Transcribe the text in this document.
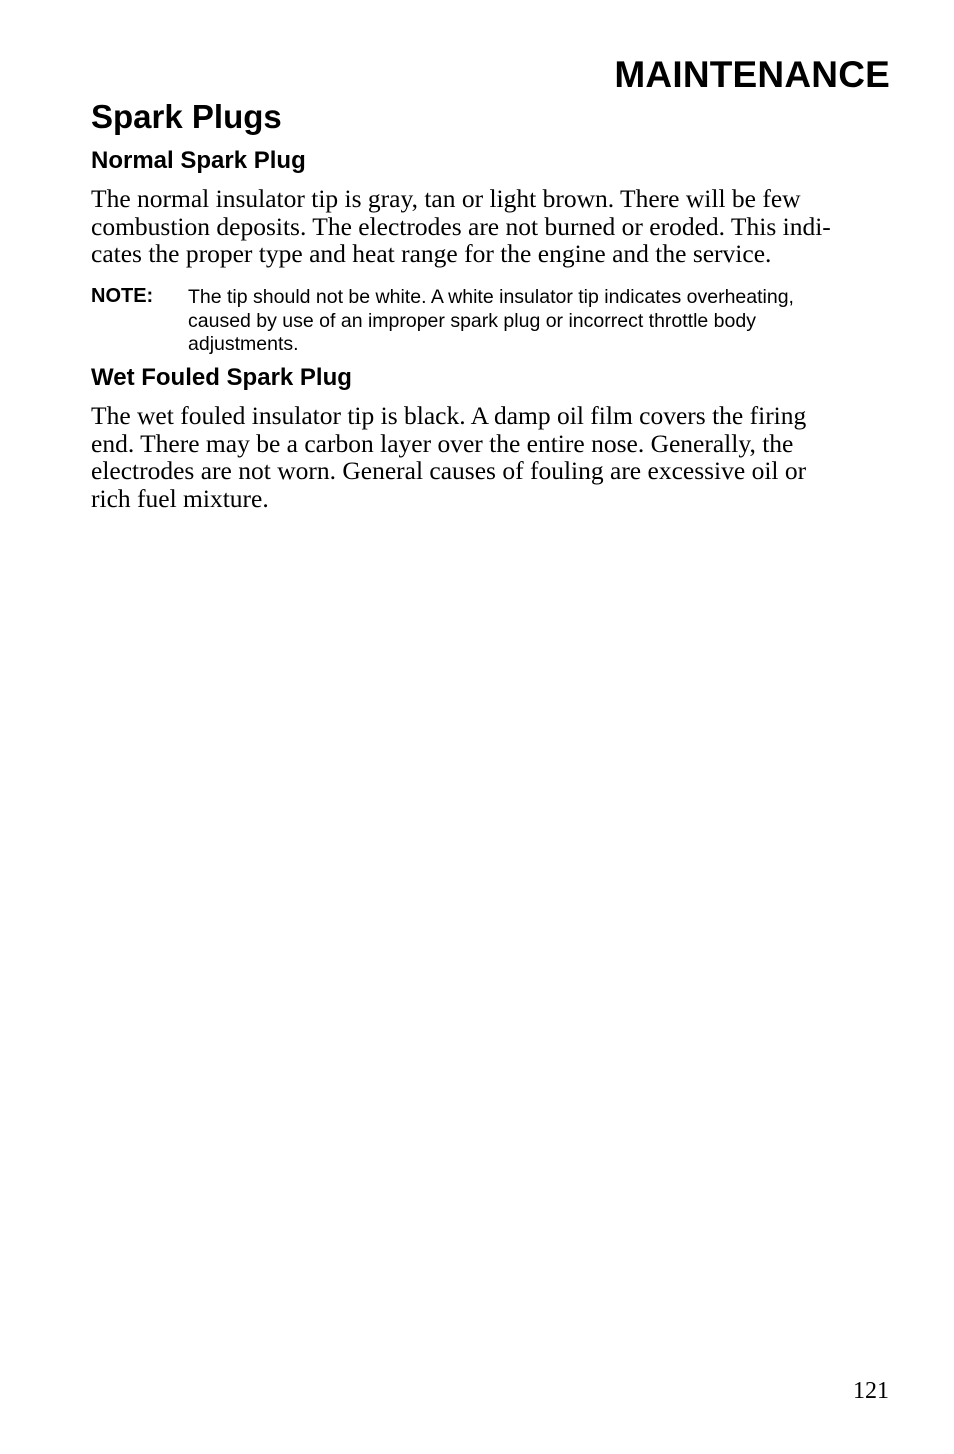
MAINTENANCE
Spark Plugs
Normal Spark Plug

The normal insulator tip is gray, tan or light brown. There will be few
combustion deposits. The electrodes are not burned or eroded. This indi-
cates the proper type and heat range for the engine and the service.

NOTE: The tip should not be white. A white insulator tip indicates overheating,
caused by use of an improper spark plug or incorrect throttle body
adjustments.

Wet Fouled Spark Plug

The wet fouled insulator tip is black. A damp oil film covers the firing
end. There may be a carbon layer over the entire nose. Generally, the
electrodes are not worn. General causes of fouling are excessive oil or
rich fuel mixture.

121
